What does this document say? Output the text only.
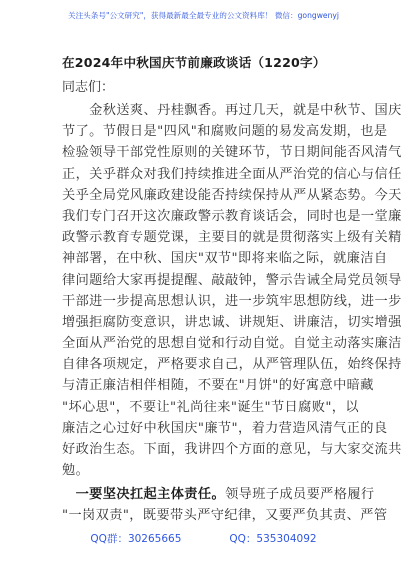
关注头条号"公文研究"，获得最新最全最专业的公文资料库！ 微信：gongwenyj
在2024年中秋国庆节前廉政谈话（1220字）
同志们：
　　金秋送爽、丹桂飘香。再过几天，就是中秋节、国庆
节了。节假日是"四风"和腐败问题的易发高发期，也是
检验领导干部党性原则的关键环节，节日期间能否风清气
正，关乎群众对我们持续推进全面从严治党的信心与信任
关乎全局党风廉政建设能否持续保持从严从紧态势。今天
我们专门召开这次廉政警示教育谈话会，同时也是一堂廉
政警示教育专题党课，主要目的就是贯彻落实上级有关精
神部署，在中秋、国庆"双节"即将来临之际，就廉洁自
律问题给大家再提提醒、敲敲钟，警示告诫全局党员领导
干部进一步提高思想认识，进一步筑牢思想防线，进一步
增强拒腐防变意识，讲忠诚、讲规矩、讲廉洁，切实增强
全面从严治党的思想自觉和行动自觉。自觉主动落实廉洁
自律各项规定，严格要求自己，从严管理队伍，始终保持
与清正廉洁相伴相随，不要在"月饼"的好寓意中暗藏
"坏心思"，不要让"礼尚往来"诞生"节日腐败"，以
廉洁之心过好中秋国庆"廉节"，着力营造风清气正的良
好政治生态。下面，我讲四个方面的意见，与大家交流共
勉。
　一要坚决扛起主体责任。领导班子成员要严格履行
"一岗双责"，既要带头严守纪律，又要严负其责、严管
QQ群：30265665	QQ：535304092
